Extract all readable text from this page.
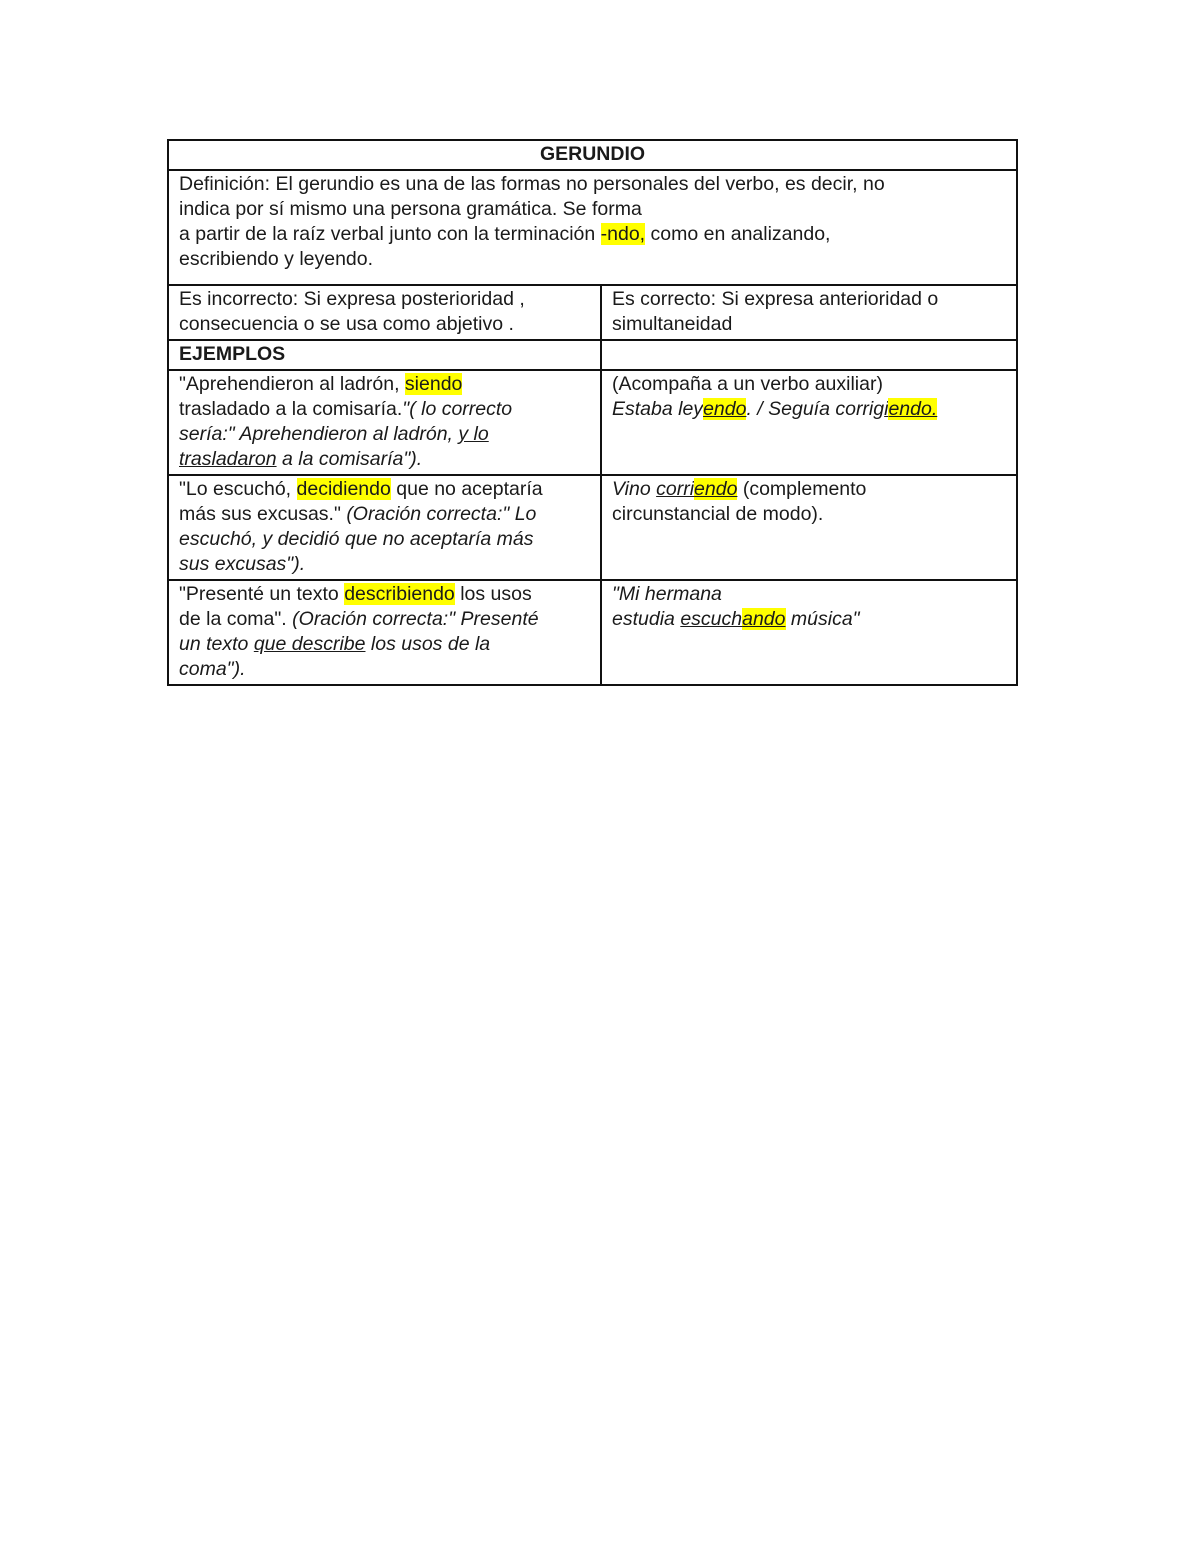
GERUNDIO	
Definición: El gerundio es una de las formas no personales del verbo, es decir, no
indica por sí mismo una persona gramática. Se forma
a partir de la raíz verbal junto con la terminación -ndo, como en analizando,
escribiendo y leyendo.	
Es incorrecto: Si expresa posterioridad ,
consecuencia o se usa como abjetivo .	Es correcto: Si expresa anterioridad o
simultaneidad
EJEMPLOS	
"Aprehendieron al ladrón, siendo
trasladado a la comisaría."( lo correcto
sería:" Aprehendieron al ladrón, y lo
trasladaron a la comisaría").	(Acompaña a un verbo auxiliar)
Estaba leyendo. / Seguía corrigiendo.
"Lo escuchó, decidiendo que no aceptaría
más sus excusas." (Oración correcta:" Lo
escuchó, y decidió que no aceptaría más
sus excusas").	Vino corriendo (complemento
circunstancial de modo).
"Presenté un texto describiendo los usos
de la coma". (Oración correcta:" Presenté
un texto que describe los usos de la
coma").	"Mi hermana
estudia escuchando música"
